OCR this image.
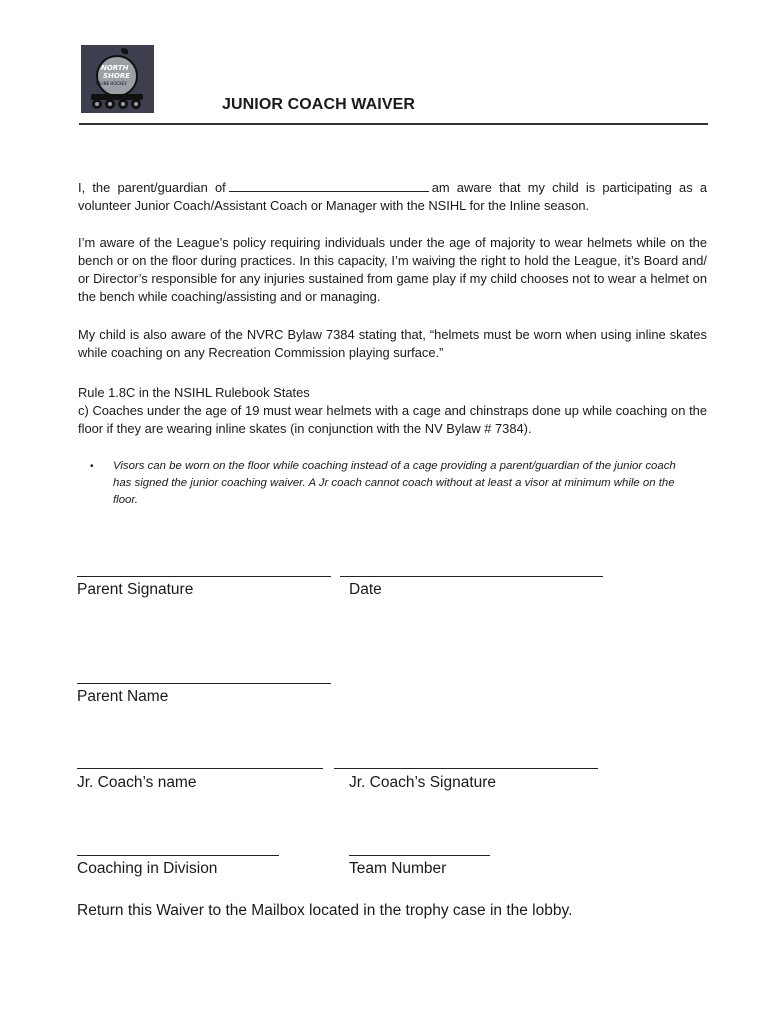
NORTH
SHORE
INLINE HOCKEY
JUNIOR COACH WAIVER

I, the parent/guardian of	am aware that my child is participating as a volunteer Junior Coach/Assistant Coach or Manager with the NSIHL for the Inline season.

I’m aware of the League’s policy requiring individuals under the age of majority to wear helmets while on the bench or on the floor during practices. In this capacity, I’m waiving the right to hold the League, it’s Board and/ or Director’s responsible for any injuries sustained from game play if my child chooses not to wear a helmet on the bench while coaching/assisting and or managing.

My child is also aware of the NVRC Bylaw 7384 stating that, “helmets must be worn when using inline skates while coaching on any Recreation Commission playing surface.”

Rule 1.8C in the NSIHL Rulebook States

c) Coaches under the age of 19 must wear helmets with a cage and chinstraps done up while coaching on the floor if they are wearing inline skates (in conjunction with the NV Bylaw # 7384).

• Visors can be worn on the floor while coaching instead of a cage providing a parent/guardian of the junior coach has signed the junior coaching waiver. A Jr coach cannot coach without at least a visor at minimum while on the floor.
Parent Signature	Date
Parent Name
Jr. Coach’s name	Jr. Coach’s Signature
Coaching in Division	Team Number
Return this Waiver to the Mailbox located in the trophy case in the lobby.
